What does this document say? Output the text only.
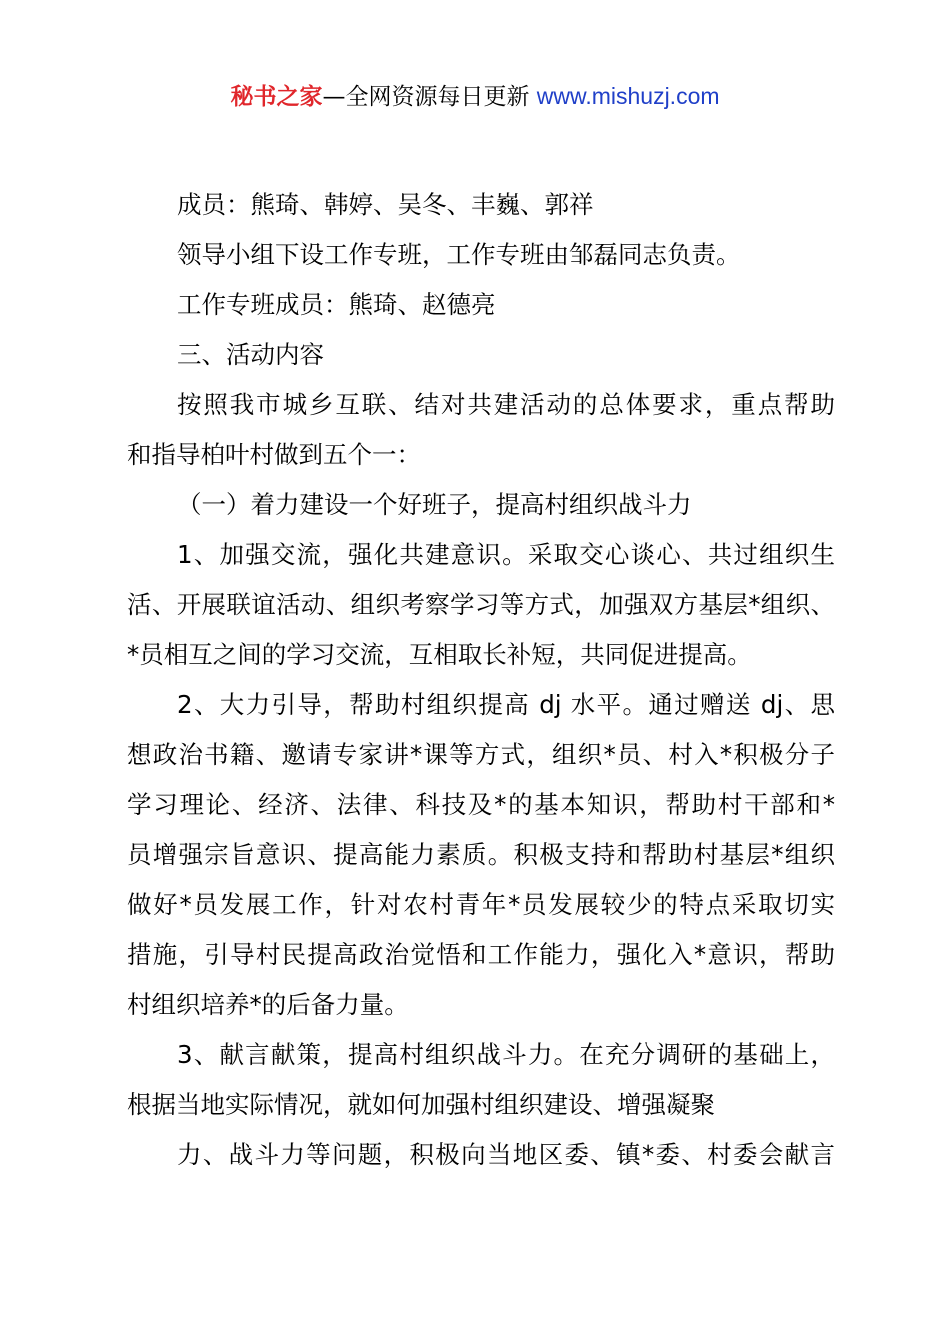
秘书之家—全网资源每日更新 www.mishuzj.com
成员：熊琦、韩婷、吴冬、丰巍、郭祥
领导小组下设工作专班，工作专班由邹磊同志负责。
工作专班成员：熊琦、赵德亮
三、活动内容
按照我市城乡互联、结对共建活动的总体要求，重点帮助
和指导柏叶村做到五个一：
（一）着力建设一个好班子，提高村组织战斗力
1、加强交流，强化共建意识。采取交心谈心、共过组织生
活、开展联谊活动、组织考察学习等方式，加强双方基层*组织、
*员相互之间的学习交流，互相取长补短，共同促进提高。
2、大力引导，帮助村组织提高 dj 水平。通过赠送 dj、思
想政治书籍、邀请专家讲*课等方式，组织*员、村入*积极分子
学习理论、经济、法律、科技及*的基本知识，帮助村干部和*
员增强宗旨意识、提高能力素质。积极支持和帮助村基层*组织
做好*员发展工作，针对农村青年*员发展较少的特点采取切实
措施，引导村民提高政治觉悟和工作能力，强化入*意识，帮助
村组织培养*的后备力量。
3、献言献策，提高村组织战斗力。在充分调研的基础上，
根据当地实际情况，就如何加强村组织建设、增强凝聚
力、战斗力等问题，积极向当地区委、镇*委、村委会献言
